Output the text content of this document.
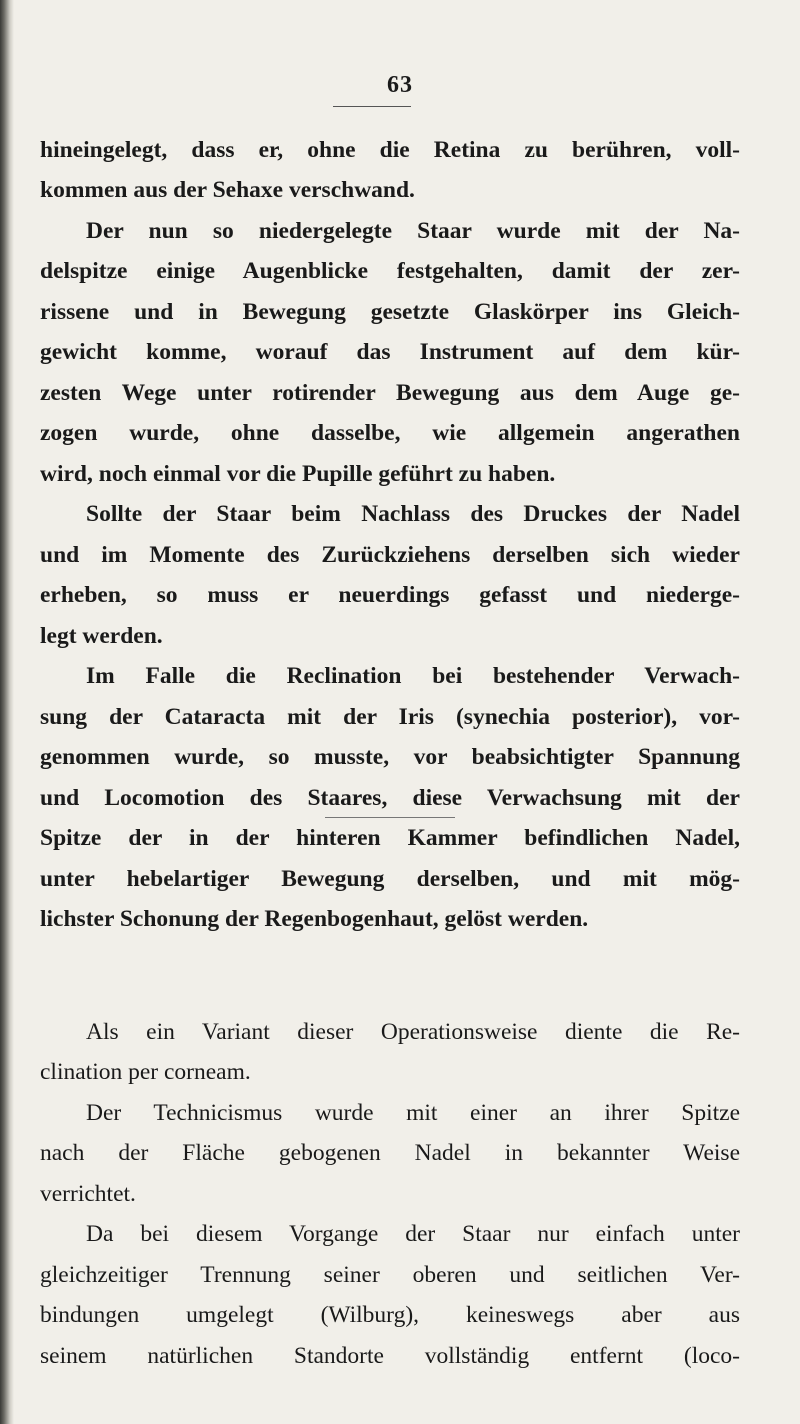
63
hineingelegt, dass er, ohne die Retina zu berühren, voll-
kommen aus der Sehaxe verschwand.
Der nun so niedergelegte Staar wurde mit der Na-
delspitze einige Augenblicke festgehalten, damit der zer-
rissene und in Bewegung gesetzte Glaskörper ins Gleich-
gewicht komme, worauf das Instrument auf dem kür-
zesten Wege unter rotirender Bewegung aus dem Auge ge-
zogen wurde, ohne dasselbe, wie allgemein angerathen
wird, noch einmal vor die Pupille geführt zu haben.
Sollte der Staar beim Nachlass des Druckes der Nadel
und im Momente des Zurückziehens derselben sich wieder
erheben, so muss er neuerdings gefasst und niederge-
legt werden.
Im Falle die Reclination bei bestehender Verwach-
sung der Cataracta mit der Iris (synechia posterior), vor-
genommen wurde, so musste, vor beabsichtigter Spannung
und Locomotion des Staares, diese Verwachsung mit der
Spitze der in der hinteren Kammer befindlichen Nadel,
unter hebelartiger Bewegung derselben, und mit mög-
lichster Schonung der Regenbogenhaut, gelöst werden.
Als ein Variant dieser Operationsweise diente die Re-
clination per corneam.
Der Technicismus wurde mit einer an ihrer Spitze
nach der Fläche gebogenen Nadel in bekannter Weise
verrichtet.
Da bei diesem Vorgange der Staar nur einfach unter
gleichzeitiger Trennung seiner oberen und seitlichen Ver-
bindungen umgelegt (Wilburg), keineswegs aber aus
seinem natürlichen Standorte vollständig entfernt (loco-
